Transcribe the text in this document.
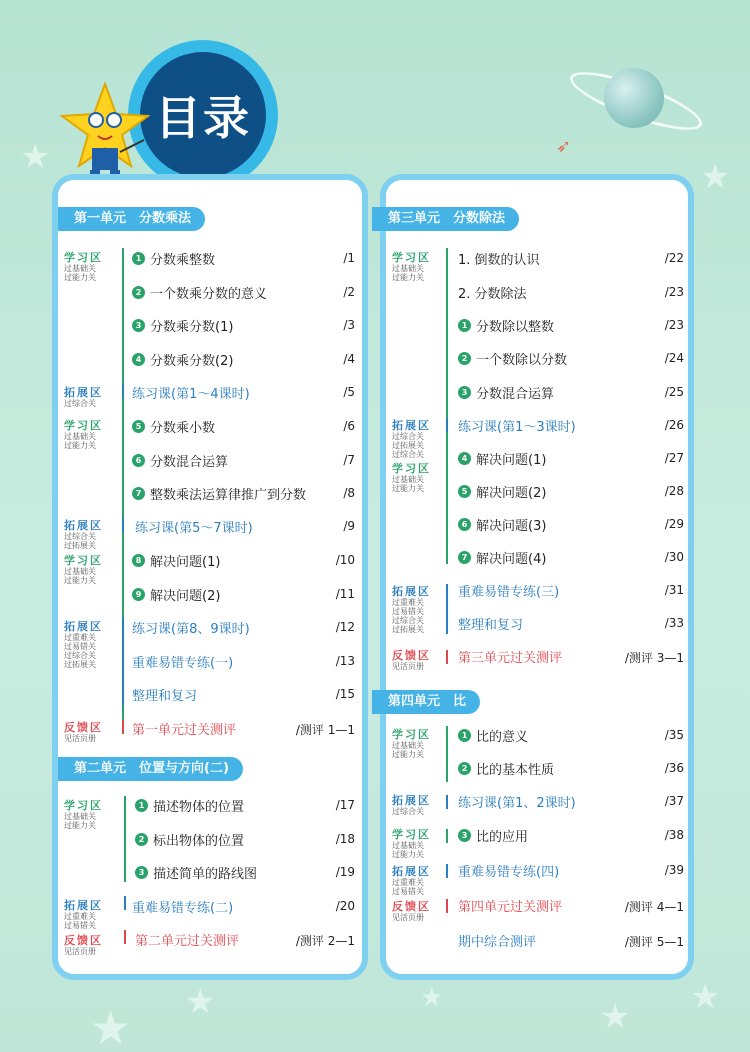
★	★
★
★ ★	★
★
➶
目录
第一单元　分数乘法
学习区
过基础关
过能力关
拓展区
过综合关
学习区
过基础关
过能力关
拓展区
过综合关
过拓展关
学习区
过基础关
过能力关
拓展区
过重难关
过易错关
过综合关
过拓展关
反馈区
见活页册
1 分数乘整数	/1
2 一个数乘分数的意义	/2
3 分数乘分数(1)	/3
4 分数乘分数(2)	/4
练习课(第1～4课时)	/5
5 分数乘小数	/6
6 分数混合运算	/7
7 整数乘法运算律推广到分数	/8
练习课(第5～7课时)	/9
8 解决问题(1)	/10
9 解决问题(2)	/11
练习课(第8、9课时)	/12
重难易错专练(一)	/13
整理和复习	/15
第一单元过关测评	/测评 1—1
第二单元　位置与方向(二)
学习区
过基础关
过能力关
拓展区
过重难关
过易错关
反馈区
见活页册
1 描述物体的位置	/17
2 标出物体的位置	/18
3 描述简单的路线图	/19
重难易错专练(二)	/20
第二单元过关测评	/测评 2—1
第三单元　分数除法
学习区
过基础关
过能力关
拓展区
过综合关
过拓展关
过综合关
学习区
过基础关
过能力关
拓展区
过重难关
过易错关
过综合关
过拓展关
反馈区
见活页册
1. 倒数的认识	/22
2. 分数除法	/23
1 分数除以整数	/23
2 一个数除以分数	/24
3 分数混合运算	/25
练习课(第1～3课时)	/26
4 解决问题(1)	/27
5 解决问题(2)	/28
6 解决问题(3)	/29
7 解决问题(4)	/30
重难易错专练(三)	/31
整理和复习	/33
第三单元过关测评	/测评 3—1
第四单元　比
学习区
过基础关
过能力关
拓展区
过综合关
学习区
过基础关
过能力关
拓展区
过重难关
过易错关
反馈区
见活页册
1 比的意义	/35
2 比的基本性质	/36
练习课(第1、2课时)	/37
3 比的应用	/38
重难易错专练(四)	/39
第四单元过关测评	/测评 4—1
期中综合测评	/测评 5—1
